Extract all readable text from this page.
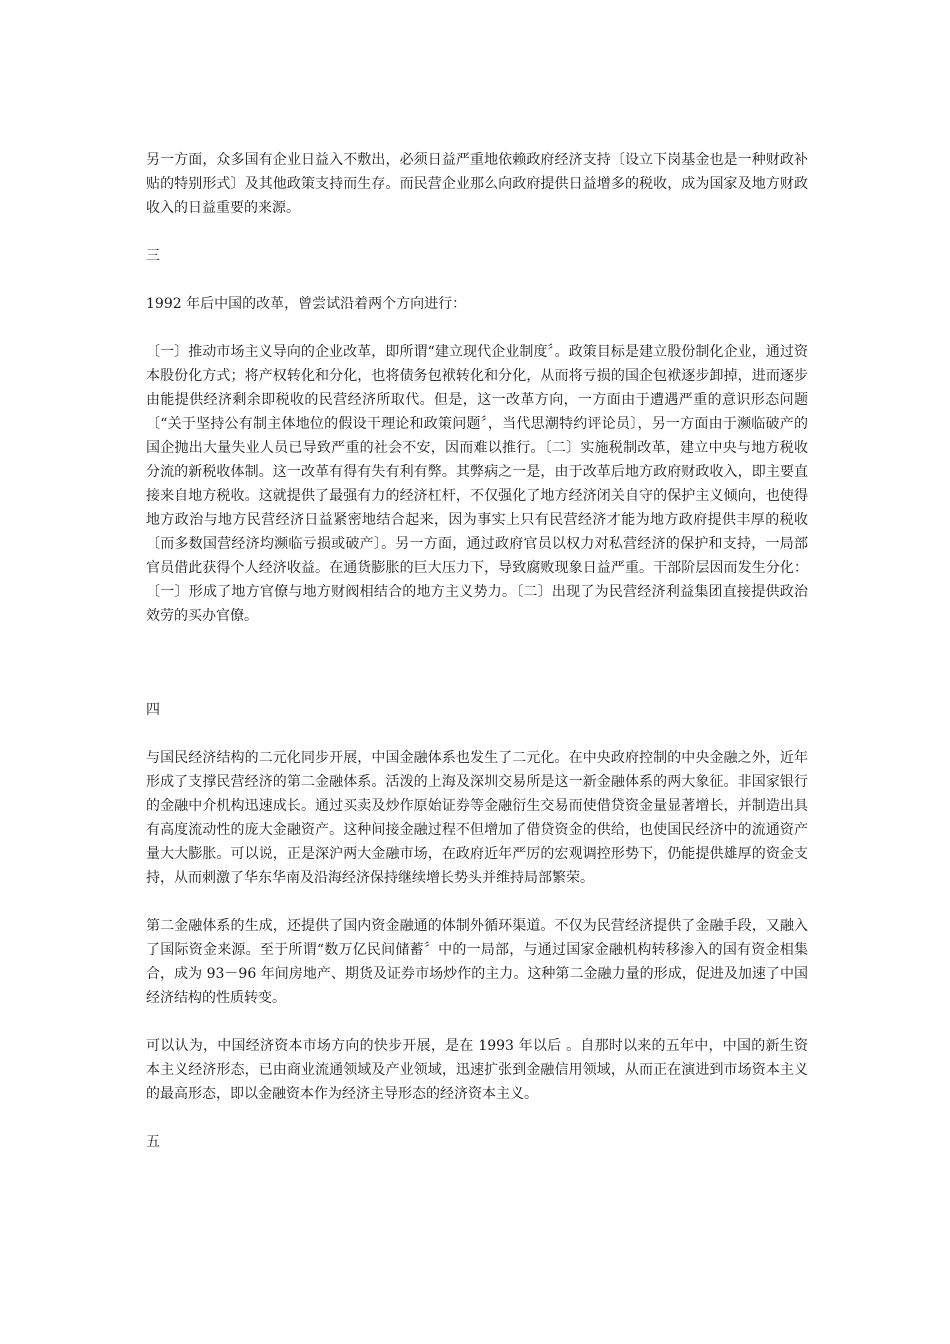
另一方面，众多国有企业日益入不敷出，必须日益严重地依赖政府经济支持〔设立下岗基金也是一种财政补贴的特别形式〕及其他政策支持而生存。而民营企业那么向政府提供日益增多的税收，成为国家及地方财政收入的日益重要的来源。

三

1992 年后中国的改革，曾尝试沿着两个方向进行：

〔一〕推动市场主义导向的企业改革，即所谓“建立现代企业制度〞。政策目标是建立股份制化企业，通过资本股份化方式；将产权转化和分化，也将债务包袱转化和分化，从而将亏损的国企包袱逐步卸掉，进而逐步由能提供经济剩余即税收的民营经济所取代。但是，这一改革方向，一方面由于遭遇严重的意识形态问题〔“关于坚持公有制主体地位的假设干理论和政策问题〞，当代思潮特约评论员〕，另一方面由于濒临破产的国企抛出大量失业人员已导致严重的社会不安，因而难以推行。〔二〕实施税制改革，建立中央与地方税收分流的新税收体制。这一改革有得有失有利有弊。其弊病之一是，由于改革后地方政府财政收入，即主要直接来自地方税收。这就提供了最强有力的经济杠杆，不仅强化了地方经济闭关自守的保护主义倾向，也使得地方政治与地方民营经济日益紧密地结合起来，因为事实上只有民营经济才能为地方政府提供丰厚的税收〔而多数国营经济均濒临亏损或破产〕。另一方面，通过政府官员以权力对私营经济的保护和支持，一局部官员借此获得个人经济收益。在通货膨胀的巨大压力下，导致腐败现象日益严重。干部阶层因而发生分化：〔一〕形成了地方官僚与地方财阀相结合的地方主义势力。〔二〕出现了为民营经济利益集团直接提供政治效劳的买办官僚。

四

与国民经济结构的二元化同步开展，中国金融体系也发生了二元化。在中央政府控制的中央金融之外，近年形成了支撑民营经济的第二金融体系。活泼的上海及深圳交易所是这一新金融体系的两大象征。非国家银行的金融中介机构迅速成长。通过买卖及炒作原始证券等金融衍生交易而使借贷资金量显著增长，并制造出具有高度流动性的庞大金融资产。这种间接金融过程不但增加了借贷资金的供给，也使国民经济中的流通资产量大大膨胀。可以说，正是深沪两大金融市场，在政府近年严厉的宏观调控形势下，仍能提供雄厚的资金支持，从而刺激了华东华南及沿海经济保持继续增长势头并维持局部繁荣。

第二金融体系的生成，还提供了国内资金融通的体制外循环渠道。不仅为民营经济提供了金融手段，又融入了国际资金来源。至于所谓“数万亿民间储蓄〞中的一局部，与通过国家金融机构转移渗入的国有资金相集合，成为 93－96 年间房地产、期货及证券市场炒作的主力。这种第二金融力量的形成，促进及加速了中国经济结构的性质转变。

可以认为，中国经济资本市场方向的快步开展，是在 1993 年以后 。自那时以来的五年中，中国的新生资本主义经济形态，已由商业流通领域及产业领域，迅速扩张到金融信用领域，从而正在演进到市场资本主义的最高形态，即以金融资本作为经济主导形态的经济资本主义。

五
